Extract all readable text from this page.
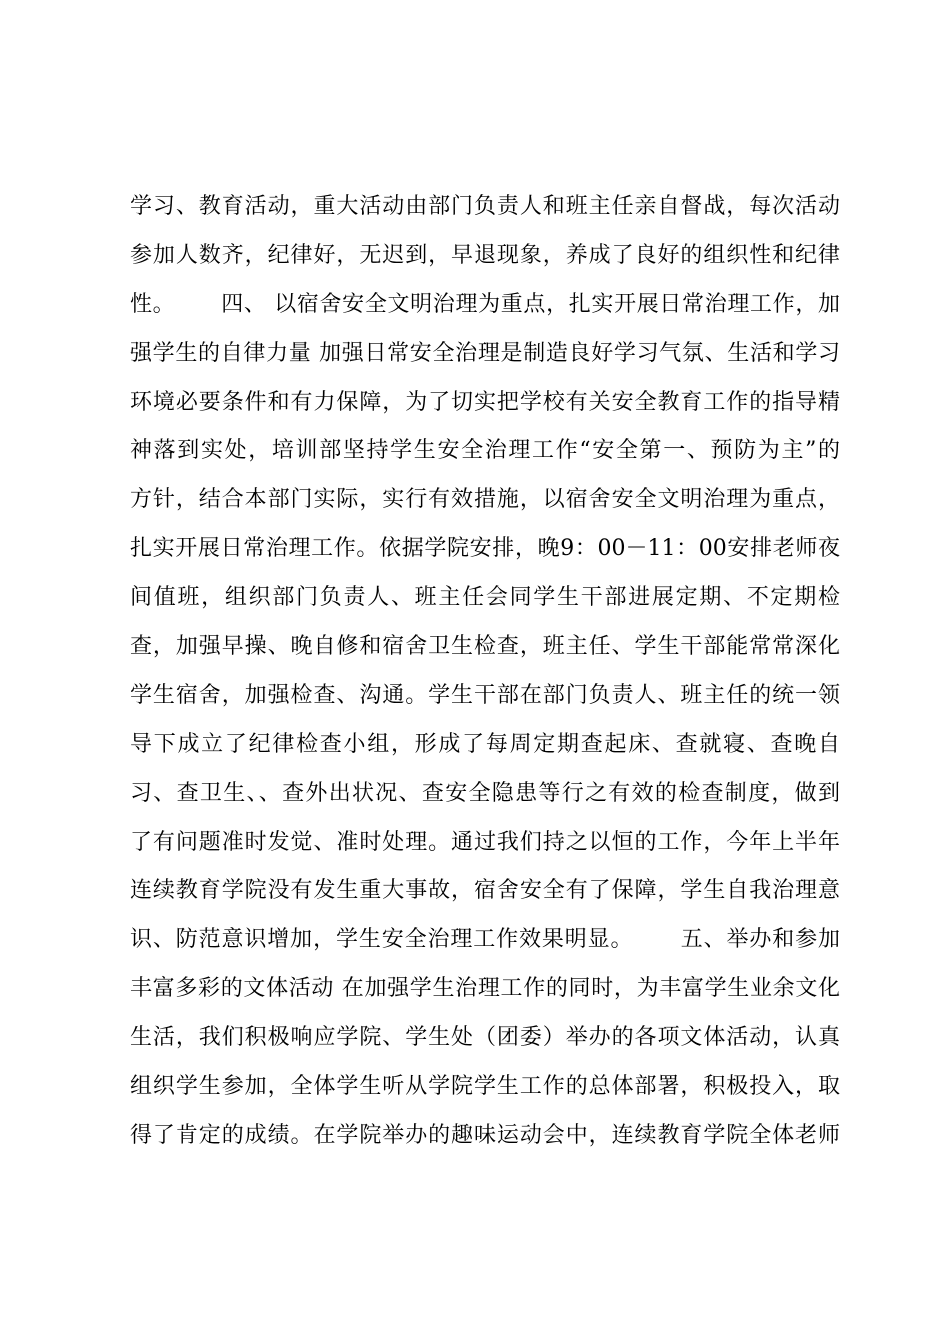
学习、教育活动，重大活动由部门负责人和班主任亲自督战，每次活动
参加人数齐，纪律好，无迟到，早退现象，养成了良好的组织性和纪律
性。      四、 以宿舍安全文明治理为重点，扎实开展日常治理工作，加
强学生的自律力量 加强日常安全治理是制造良好学习气氛、生活和学习
环境必要条件和有力保障，为了切实把学校有关安全教育工作的指导精
神落到实处，培训部坚持学生安全治理工作“安全第一、预防为主”的
方针，结合本部门实际，实行有效措施，以宿舍安全文明治理为重点，
扎实开展日常治理工作。依据学院安排，晚9：00－11：00安排老师夜
间值班，组织部门负责人、班主任会同学生干部进展定期、不定期检
查，加强早操、晚自修和宿舍卫生检查，班主任、学生干部能常常深化
学生宿舍，加强检查、沟通。学生干部在部门负责人、班主任的统一领
导下成立了纪律检查小组，形成了每周定期查起床、查就寝、查晚自
习、查卫生、、查外出状况、查安全隐患等行之有效的检查制度，做到
了有问题准时发觉、准时处理。通过我们持之以恒的工作，今年上半年
连续教育学院没有发生重大事故，宿舍安全有了保障，学生自我治理意
识、防范意识增加，学生安全治理工作效果明显。      五、举办和参加
丰富多彩的文体活动 在加强学生治理工作的同时，为丰富学生业余文化
生活，我们积极响应学院、学生处（团委）举办的各项文体活动，认真
组织学生参加，全体学生听从学院学生工作的总体部署，积极投入，取
得了肯定的成绩。在学院举办的趣味运动会中，连续教育学院全体老师
